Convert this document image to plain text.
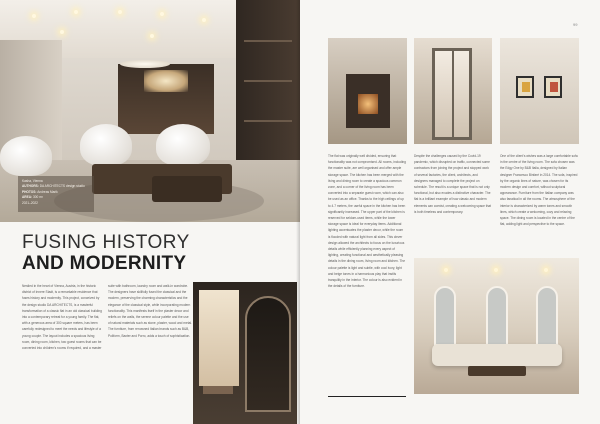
Kasha, Vienna
AUTHORS: DA ARCHITECTS design studio
PHOTOS: Andreas Marik
AREA: 300 m²
2021–2022
FUSING HISTORY
AND MODERNITY

Nestled in the heart of Vienna, Austria, in the historic district of Innere Stadt, is a remarkable residence that fuses history and modernity. This project, conceived by the design studio DA ARCHITECTS, is a masterful transformation of a classic flat in an old classical building into a contemporary retreat for a young family. The flat, with a generous area of 300 square meters, has been carefully redesigned to meet the needs and lifestyle of a young couple. The layout includes a spacious living room, dining room, kitchen, two guest rooms that can be converted into children's rooms if required, and a master

suite with bathroom, laundry room and walk-in wardrobe. The designers have skillfully fused the classical and the modern, preserving the charming characteristics and the elegance of the classical style, while incorporating modern functionality. This manifests itself in the plaster decor and reliefs on the walls, the serene colour palette and the use of natural materials such as stone, plaster, wood and metal. The furniture, from renowned Italian brands such as B&B, Poliform, Baxter and Porro, adds a touch of sophistication.

99

The flat was originally well divided, ensuring that functionality was not compromised. All rooms, including the master suite, are well organised and offer ample storage space. The kitchen has been merged with the living and dining room to create a spacious common zone, and a corner of the living room has been converted into a separate guest room, which can also be used as an office. Thanks to the high ceilings of up to 4.7 meters, the useful space in the kitchen has been significantly increased. The upper part of the kitchen is reserved for seldom-used items, while the lower storage space is ideal for everyday items. Additional lighting accentuates the plaster decor, while the room is flooded with natural light from all sides. This clever design allowed the architects to focus on the luxurious details while efficiently planning every aspect of lighting, creating functional and aesthetically pleasing details in the dining room, living room and kitchen. The colour palette is light and subtle, with cool ivory, light and beige tones in a harmonious play that instils tranquility in the interior. The colour is also evident in the details of the furniture.

Despite the challenges caused by the Covid-19 pandemic, which disrupted on traffic, connected some contractors from joining the project and stopped work of several factories, the client, architects, and designers managed to complete the project on schedule. The result is a unique space that is not only functional, but also exudes a distinctive character. The flat is a brilliant example of how classic and modern elements can coexist, creating a welcoming space that is both timeless and contemporary.

One of the client's wishes was a large comfortable sofa in the centre of the living room. The sofa chosen was the Edgy One by B&B Italia, designed by Italian designer Francesco Binfaré in 2014. The sofa, inspired by the organic lines of nature, was chosen for its modern design and comfort, without sculptural appearance. Furniture from the Italian company was also fanatical in all the rooms. The atmosphere of the interior is characterized by warm tones and smooth lines, which create a welcoming, cozy and relaxing space. The dining room is located in the centre of the flat, adding light and perspective to the space.
